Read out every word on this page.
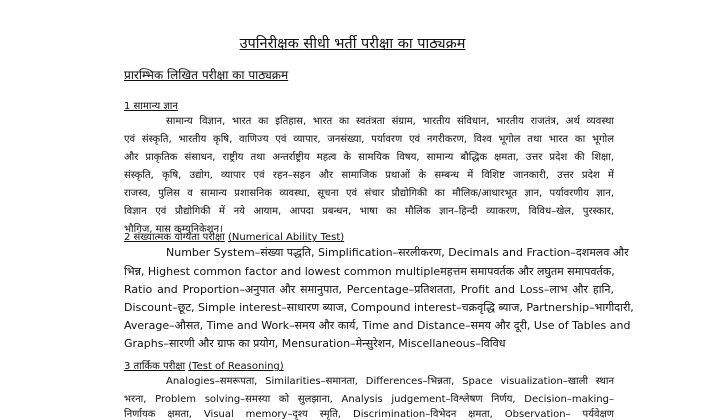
उपनिरीक्षक सीधी भर्ती परीक्षा का पाठ्यक्रम
प्रारम्भिक लिखित परीक्षा का पाठ्यक्रम
1 सामान्य ज्ञान
सामान्य विज्ञान, भारत का इतिहास, भारत का स्वतंत्रता संग्राम, भारतीय संविधान, भारतीय राजतंत्र, अर्थ व्यवस्था
एवं संस्कृति, भारतीय कृषि, वाणिज्य एवं व्यापार, जनसंख्या, पर्यावरण एवं नगरीकरण, विश्व भूगोल तथा भारत का भूगोल
और प्राकृतिक संसाधन, राष्ट्रीय तथा अन्तर्राष्ट्रीय महत्व के सामयिक विषय, सामान्य बौद्धिक क्षमता, उत्तर प्रदेश की शिक्षा,
संस्कृति, कृषि, उद्योग, व्यापार एवं रहन–सहन और सामाजिक प्रथाओं के सम्बन्ध में विशिष्ट जानकारी, उत्तर प्रदेश में
राजस्व, पुलिस व सामान्य प्रशासनिक व्यवस्था, सूचना एवं संचार प्रौद्योगिकी का मौलिक/आधारभूत ज्ञान, पर्यावरणीय ज्ञान,
विज्ञान एवं प्रौद्योगिकी में नये आयाम, आपदा प्रबन्धन, भाषा का मौलिक ज्ञान–हिन्दी व्याकरण, विविध–खेल, पुरस्कार,
भौगिज, मास कम्युनिकेशन।
2 संख्यात्मक योग्यता परीक्षा (Numerical Ability Test)
Number System–संख्या पद्धति, Simplification–सरलीकरण, Decimals and Fraction–दशमलव और
भिन्न, Highest common factor and lowest common multipleमहत्तम समापवर्तक और लघुतम समापवर्तक,
Ratio and Proportion–अनुपात और समानुपात, Percentage–प्रतिशतता, Profit and Loss–लाभ और हानि,
Discount–छूट, Simple interest–साधारण ब्याज, Compound interest–चक्रवृद्धि ब्याज, Partnership–भागीदारी,
Average–औसत, Time and Work–समय और कार्य, Time and Distance–समय और दूरी, Use of Tables and
Graphs–सारणी और ग्राफ का प्रयोग, Mensuration–मेन्सुरेशन, Miscellaneous–विविध
3 तार्किक परीक्षा (Test of Reasoning)
Analogies–समरूपता, Similarities–समानता, Differences–भिन्नता, Space visualization–खाली स्थान
भरना, Problem solving–समस्या को सुलझाना, Analysis judgement–विश्लेषण निर्णय, Decision–making–
निर्णायक क्षमता, Visual memory–दृश्य स्मृति, Discrimination–विभेदन क्षमता, Observation– पर्यवेक्षण
